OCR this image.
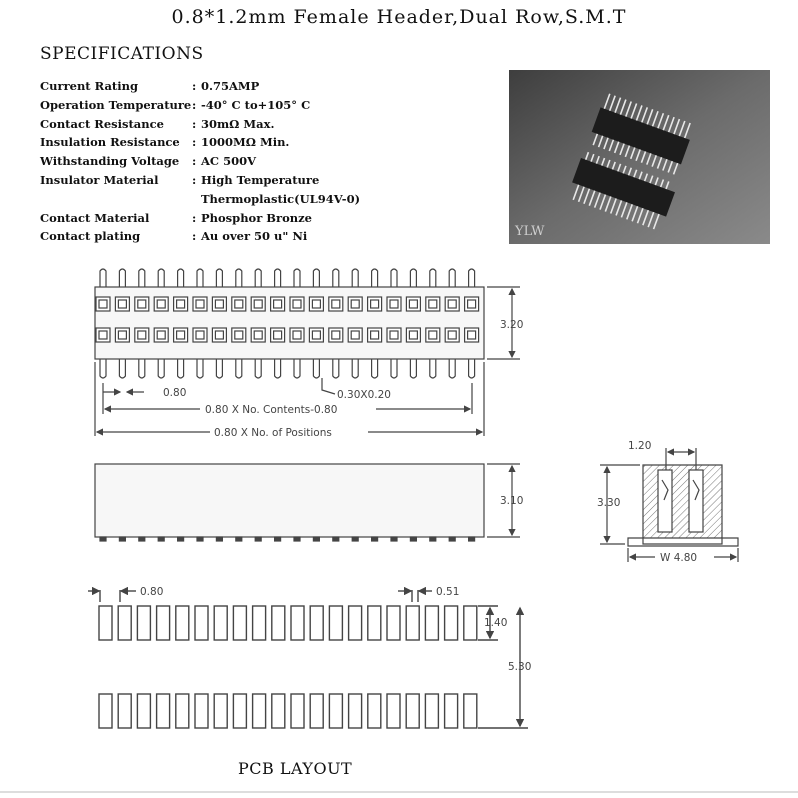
0.8*1.2mm Female Header,Dual Row,S.M.T
SPECIFICATIONS
Current Rating	: 0.75AMP
Operation Temperature : -40° C to+105° C
Contact Resistance	: 30mΩ Max.
Insulation Resistance	: 1000MΩ Min.
Withstanding Voltage	: AC 500V
Insulator Material	: High Temperature
Thermoplastic(UL94V-0)
Contact Material	: Phosphor Bronze
Contact plating	: Au over 50 u" Ni	YLW
3.20
0.80	0.30X0.20
0.80 X No. Contents-0.80
0.80 X No. of Positions
3.10
1.20
3.30
W 4.80
0.80	0.51
1.40
5.30
PCB LAYOUT
